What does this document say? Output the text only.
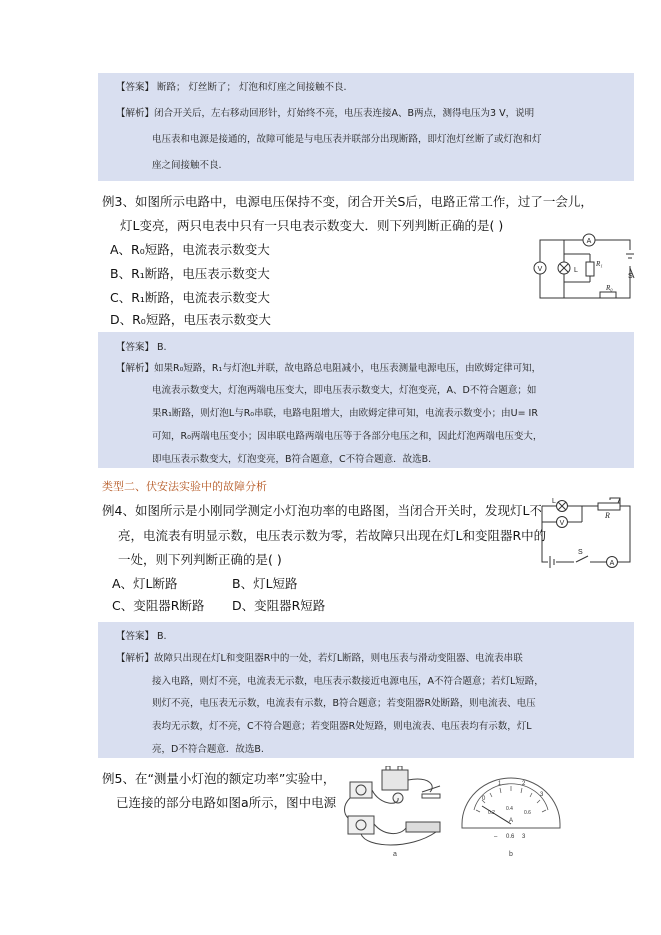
【答案】 断路； 灯丝断了； 灯泡和灯座之间接触不良.
【解析】闭合开关后，左右移动回形针，灯始终不亮，电压表连接A、B两点，测得电压为3 V，说明
电压表和电源是接通的，故障可能是与电压表并联部分出现断路，即灯泡灯丝断了或灯泡和灯
座之间接触不良.
例3、如图所示电路中，电源电压保持不变，闭合开关S后，电路正常工作，过了一会儿，
灯L变亮，两只电表中只有一只电表示数变大．则下列判断正确的是( )
A、R₀短路，电流表示数变大
B、R₁断路，电压表示数变大
C、R₁断路，电流表示数变大
D、R₀短路，电压表示数变大
A
V	L
R₁
S
R₀
【答案】 B.
【解析】如果R₀短路，R₁与灯泡L并联，故电路总电阻减小，电压表测量电源电压，由欧姆定律可知，
电流表示数变大，灯泡两端电压变大，即电压表示数变大，灯泡变亮，A、D不符合题意；如
果R₁断路，则灯泡L与R₀串联，电路电阻增大，由欧姆定律可知，电流表示数变小；由U= IR
可知，R₀两端电压变小；因串联电路两端电压等于各部分电压之和，因此灯泡两端电压变大，
即电压表示数变大，灯泡变亮，B符合题意，C不符合题意．故选B.
类型二、伏安法实验中的故障分析
例4、如图所示是小刚同学测定小灯泡功率的电路图，当闭合开关时，发现灯L不
亮，电流表有明显示数，电压表示数为零，若故障只出现在灯L和变阻器R中的
一处，则下列判断正确的是( )
A、灯L断路	B、灯L短路
C、变阻器R断路 D、变阻器R短路
L
V
R
S
A
【答案】 B.
【解析】故障只出现在灯L和变阻器R中的一处，若灯L断路，则电压表与滑动变阻器、电流表串联
接入电路，则灯不亮，电流表无示数，电压表示数接近电源电压，A不符合题意；若灯L短路，
则灯不亮，电压表无示数，电流表有示数，B符合题意；若变阻器R处断路，则电流表、电压
表均无示数，灯不亮，C不符合题意；若变阻器R处短路，则电流表、电压表均有示数，灯L
亮，D不符合题意．故选B.
例5、在“测量小灯泡的额定功率”实验中，
已连接的部分电路如图a所示，图中电源
a
0
1	2
3
0.2
0.4
0.6
A
– 0.6 3
b
